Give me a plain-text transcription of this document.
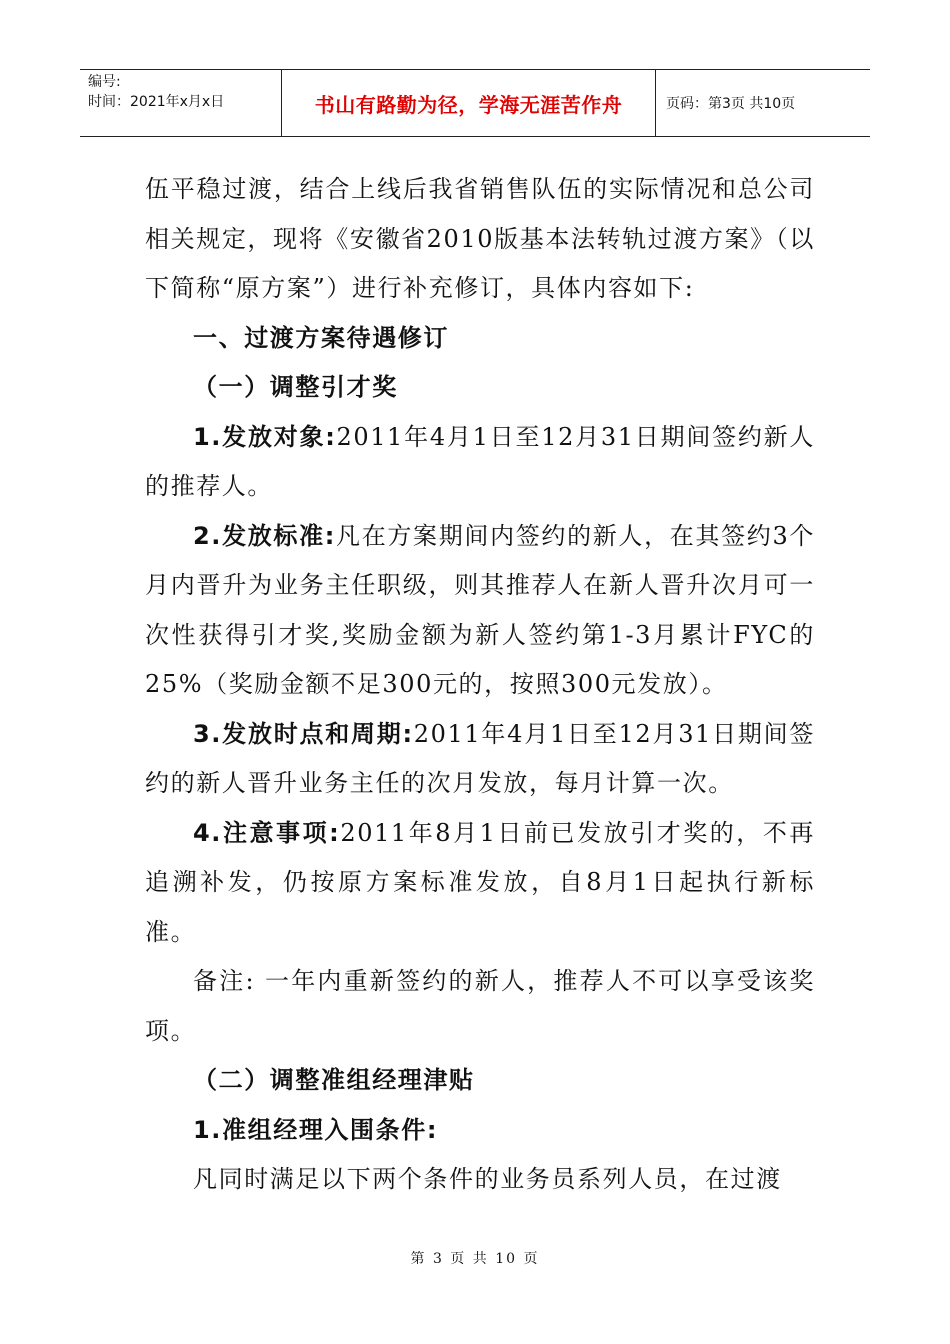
编号:
时间：2021年x月x日	书山有路勤为径，学海无涯苦作舟	页码：第3页 共10页

伍平稳过渡，结合上线后我省销售队伍的实际情况和总公司相关规定，现将《安徽省2010版基本法转轨过渡方案》（以下简称“原方案”）进行补充修订，具体内容如下:

一、过渡方案待遇修订

（一）调整引才奖

1.发放对象:2011年4月1日至12月31日期间签约新人的推荐人。

2.发放标准:凡在方案期间内签约的新人，在其签约3个月内晋升为业务主任职级，则其推荐人在新人晋升次月可一次性获得引才奖,奖励金额为新人签约第1-3月累计FYC的25%（奖励金额不足300元的，按照300元发放）。

3.发放时点和周期:2011年4月1日至12月31日期间签约的新人晋升业务主任的次月发放，每月计算一次。

4.注意事项:2011年8月1日前已发放引才奖的，不再追溯补发，仍按原方案标准发放，自8月1日起执行新标准。

备注: 一年内重新签约的新人，推荐人不可以享受该奖项。

（二）调整准组经理津贴

1.准组经理入围条件:

凡同时满足以下两个条件的业务员系列人员，在过渡

第 3 页 共 10 页
